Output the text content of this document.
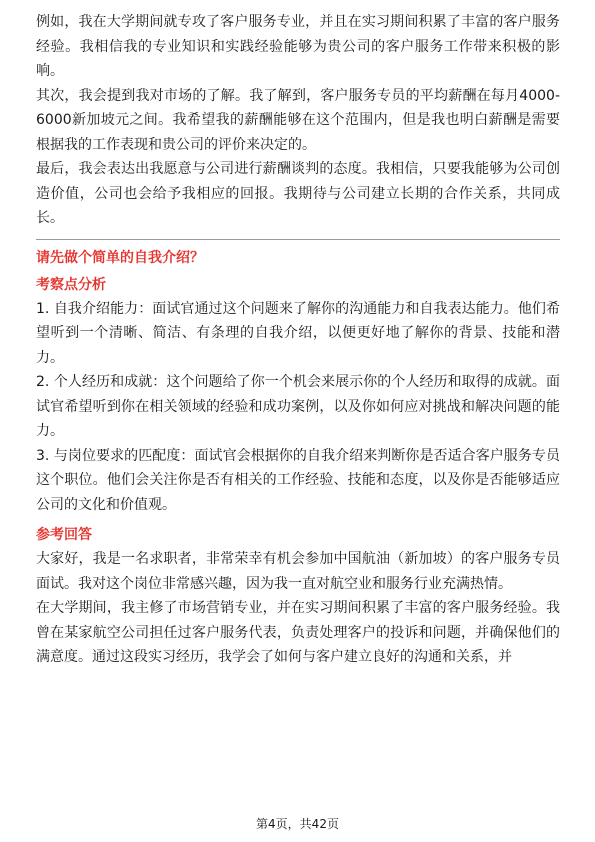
例如，我在大学期间就专攻了客户服务专业，并且在实习期间积累了丰富的客户服务经验。我相信我的专业知识和实践经验能够为贵公司的客户服务工作带来积极的影响。

其次，我会提到我对市场的了解。我了解到，客户服务专员的平均薪酬在每月4000-6000新加坡元之间。我希望我的薪酬能够在这个范围内，但是我也明白薪酬是需要根据我的工作表现和贵公司的评价来决定的。

最后，我会表达出我愿意与公司进行薪酬谈判的态度。我相信，只要我能够为公司创造价值，公司也会给予我相应的回报。我期待与公司建立长期的合作关系，共同成长。

请先做个简单的自我介绍？

考察点分析

1. 自我介绍能力：面试官通过这个问题来了解你的沟通能力和自我表达能力。他们希望听到一个清晰、简洁、有条理的自我介绍，以便更好地了解你的背景、技能和潜力。

2. 个人经历和成就：这个问题给了你一个机会来展示你的个人经历和取得的成就。面试官希望听到你在相关领域的经验和成功案例，以及你如何应对挑战和解决问题的能力。

3. 与岗位要求的匹配度：面试官会根据你的自我介绍来判断你是否适合客户服务专员这个职位。他们会关注你是否有相关的工作经验、技能和态度，以及你是否能够适应公司的文化和价值观。

参考回答

大家好，我是一名求职者，非常荣幸有机会参加中国航油（新加坡）的客户服务专员面试。我对这个岗位非常感兴趣，因为我一直对航空业和服务行业充满热情。

在大学期间，我主修了市场营销专业，并在实习期间积累了丰富的客户服务经验。我曾在某家航空公司担任过客户服务代表，负责处理客户的投诉和问题，并确保他们的满意度。通过这段实习经历，我学会了如何与客户建立良好的沟通和关系，并

第4页，共42页
